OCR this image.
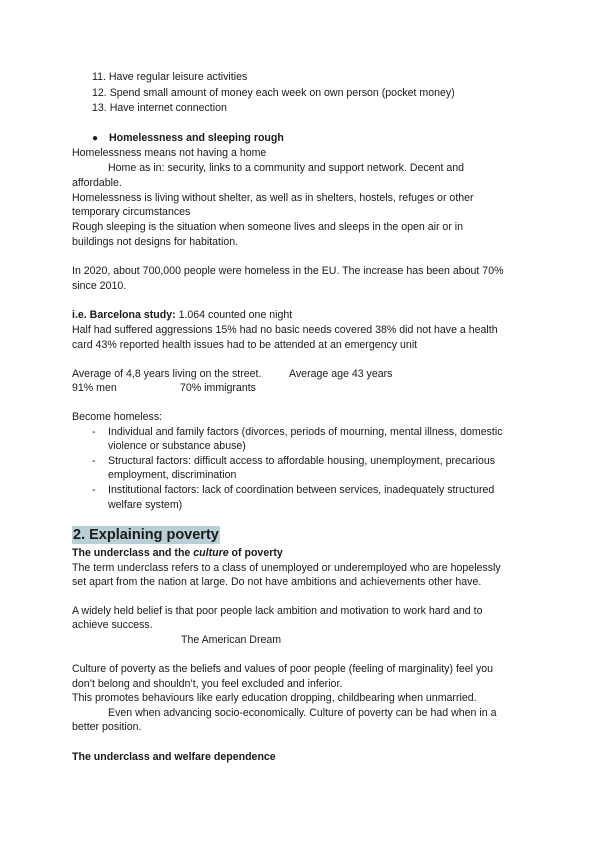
11. Have regular leisure activities
12. Spend small amount of money each week on own person (pocket money)
13. Have internet connection
● Homelessness and sleeping rough
Homelessness means not having a home
Home as in: security, links to a community and support network. Decent and
affordable.
Homelessness is living without shelter, as well as in shelters, hostels, refuges or other
temporary circumstances
Rough sleeping is the situation when someone lives and sleeps in the open air or in
buildings not designs for habitation.
In 2020, about 700,000 people were homeless in the EU. The increase has been about 70%
since 2010.
i.e. Barcelona study: 1.064 counted one night
Half had suffered aggressions 15% had no basic needs covered 38% did not have a health
card 43% reported health issues had to be attended at an emergency unit
Average of 4,8 years living on the street.	Average age 43 years
91% men	70% immigrants
Become homeless:
- Individual and family factors (divorces, periods of mourning, mental illness, domestic
violence or substance abuse)
- Structural factors: difficult access to affordable housing, unemployment, precarious
employment, discrimination
- Institutional factors: lack of coordination between services, inadequately structured
welfare system)
2. Explaining poverty
The underclass and the culture of poverty
The term underclass refers to a class of unemployed or underemployed who are hopelessly
set apart from the nation at large. Do not have ambitions and achievements other have.
A widely held belief is that poor people lack ambition and motivation to work hard and to
achieve success.
The American Dream
Culture of poverty as the beliefs and values of poor people (feeling of marginality) feel you
don’t belong and shouldn’t, you feel excluded and inferior.
This promotes behaviours like early education dropping, childbearing when unmarried.
Even when advancing socio-economically. Culture of poverty can be had when in a
better position.
The underclass and welfare dependence
